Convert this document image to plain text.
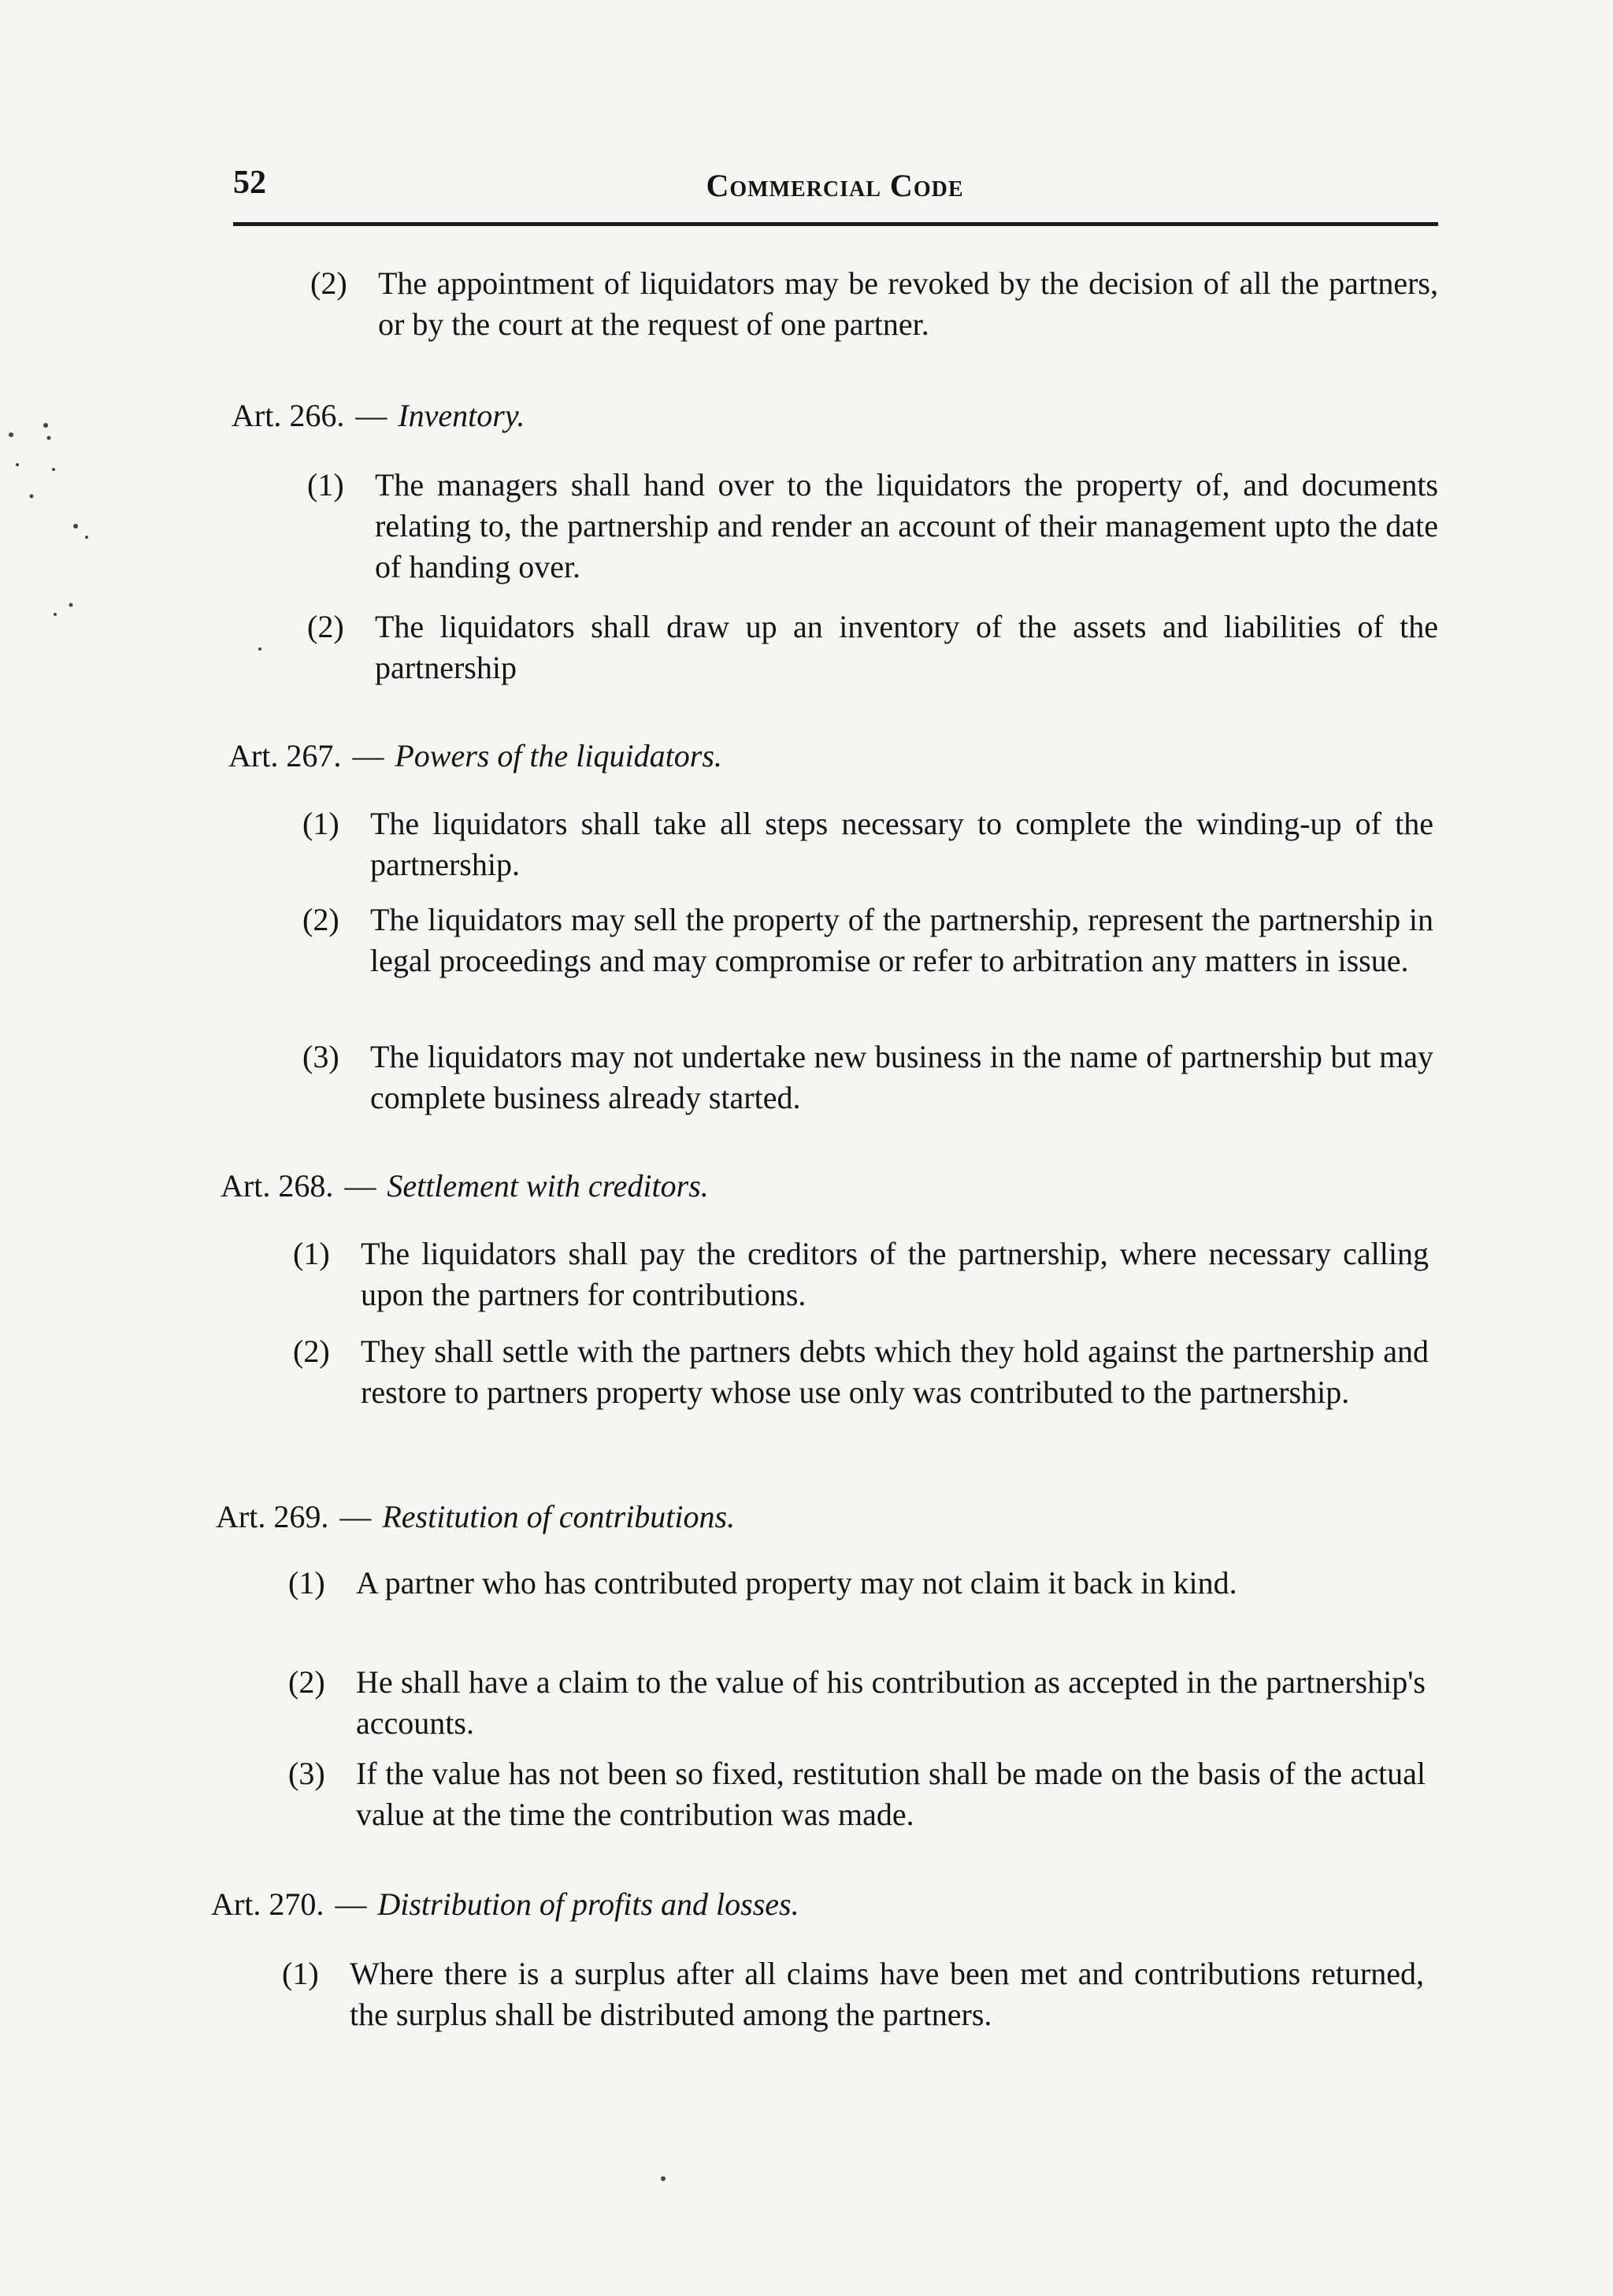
52	Commercial Code
(2) The appointment of liquidators may be revoked by the decision of all the partners, or by the court at the request of one partner.

Art. 266. — Inventory.
(1) The managers shall hand over to the liquidators the property of, and documents relating to, the partnership and render an account of their management upto the date of handing over.

(2) The liquidators shall draw up an inventory of the assets and liabilities of the partnership

Art. 267. — Powers of the liquidators.
(1) The liquidators shall take all steps necessary to complete the winding-up of the partnership.

(2) The liquidators may sell the property of the partnership, represent the partnership in legal proceedings and may compromise or refer to arbitration any matters in issue.

(3) The liquidators may not undertake new business in the name of partnership but may complete business already started.

Art. 268. — Settlement with creditors.
(1) The liquidators shall pay the creditors of the partnership, where necessary calling upon the partners for contributions.

(2) They shall settle with the partners debts which they hold against the partnership and restore to partners property whose use only was contributed to the partnership.

Art. 269. — Restitution of contributions.
(1) A partner who has contributed property may not claim it back in kind.

(2) He shall have a claim to the value of his contribution as accepted in the partnership's accounts.

(3) If the value has not been so fixed, restitution shall be made on the basis of the actual value at the time the contribution was made.

Art. 270. — Distribution of profits and losses.
(1) Where there is a surplus after all claims have been met and contributions returned, the surplus shall be distributed among the partners.
